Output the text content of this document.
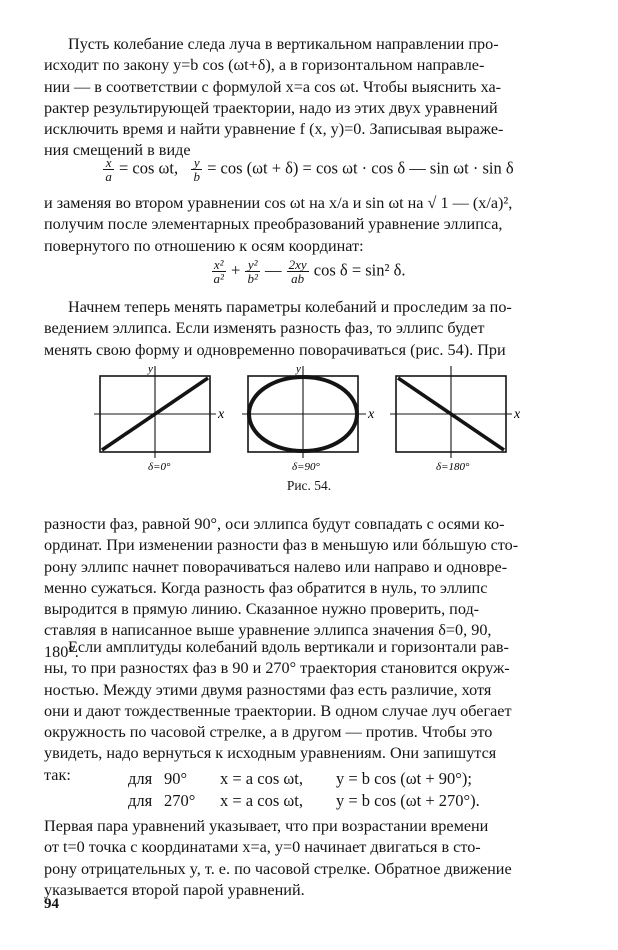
Пусть колебание следа луча в вертикальном направлении про-

исходит по закону y=b cos (ωt+δ), а в горизонтальном направле-

нии — в соответствии с формулой x=a cos ωt. Чтобы выяснить ха-

рактер результирующей траектории, надо из этих двух уравнений

исключить время и найти уравнение f (x, y)=0. Записывая выраже-

ния смещений в виде

$\frac{x}{a} = \cos \omega t$, $\frac{y}{b} = \cos (\omega t + \delta) = \cos \omega t \cdot \cos \delta$ — sin ωt · sin δ

и заменяя во втором уравнении cos ωt на x/a и sin ωt на √ 1 — (x/a)²,

получим после элементарных преобразований уравнение эллипса,

повернутого по отношению к осям координат:

$\frac{\text{x²}}{\text{a²}} + \frac{\text{y²}}{\text{b²}}$ — $\frac{2xy}{ab}$ cos δ = sin² δ.

Начнем теперь менять параметры колебаний и проследим за по-

ведением эллипса. Если изменять разность фаз, то эллипс будет

менять свою форму и одновременно поворачиваться (рис. 54). При

x
y
δ=0°
x
y
δ=90°
x
δ=180°
Рис. 54.

разности фаз, равной 90°, оси эллипса будут совпадать с осями ко-

ординат. При изменении разности фаз в меньшую или бóльшую сто-

рону эллипс начнет поворачиваться налево или направо и одновре-

менно сужаться. Когда разность фаз обратится в нуль, то эллипс

выродится в прямую линию. Сказанное нужно проверить, под-

ставляя в написанное выше уравнение эллипса значения δ=0, 90,

180°.

Если амплитуды колебаний вдоль вертикали и горизонтали рав-

ны, то при разностях фаз в 90 и 270° траектория становится окруж-

ностью. Между этими двумя разностями фаз есть различие, хотя

они и дают тождественные траектории. В одном случае луч обегает

окружность по часовой стрелке, а в другом — против. Чтобы это

увидеть, надо вернуться к исходным уравнениям. Они запишутся

так:	для 90° x = a cos ωt, y = b cos (ωt + 90°);
для 270° x = a cos ωt, y = b cos (ωt + 270°).

Первая пара уравнений указывает, что при возрастании времени

от t=0 точка с координатами x=a, y=0 начинает двигаться в сто-

рону отрицательных y, т. е. по часовой стрелке. Обратное движение

указывается второй парой уравнений.

94
